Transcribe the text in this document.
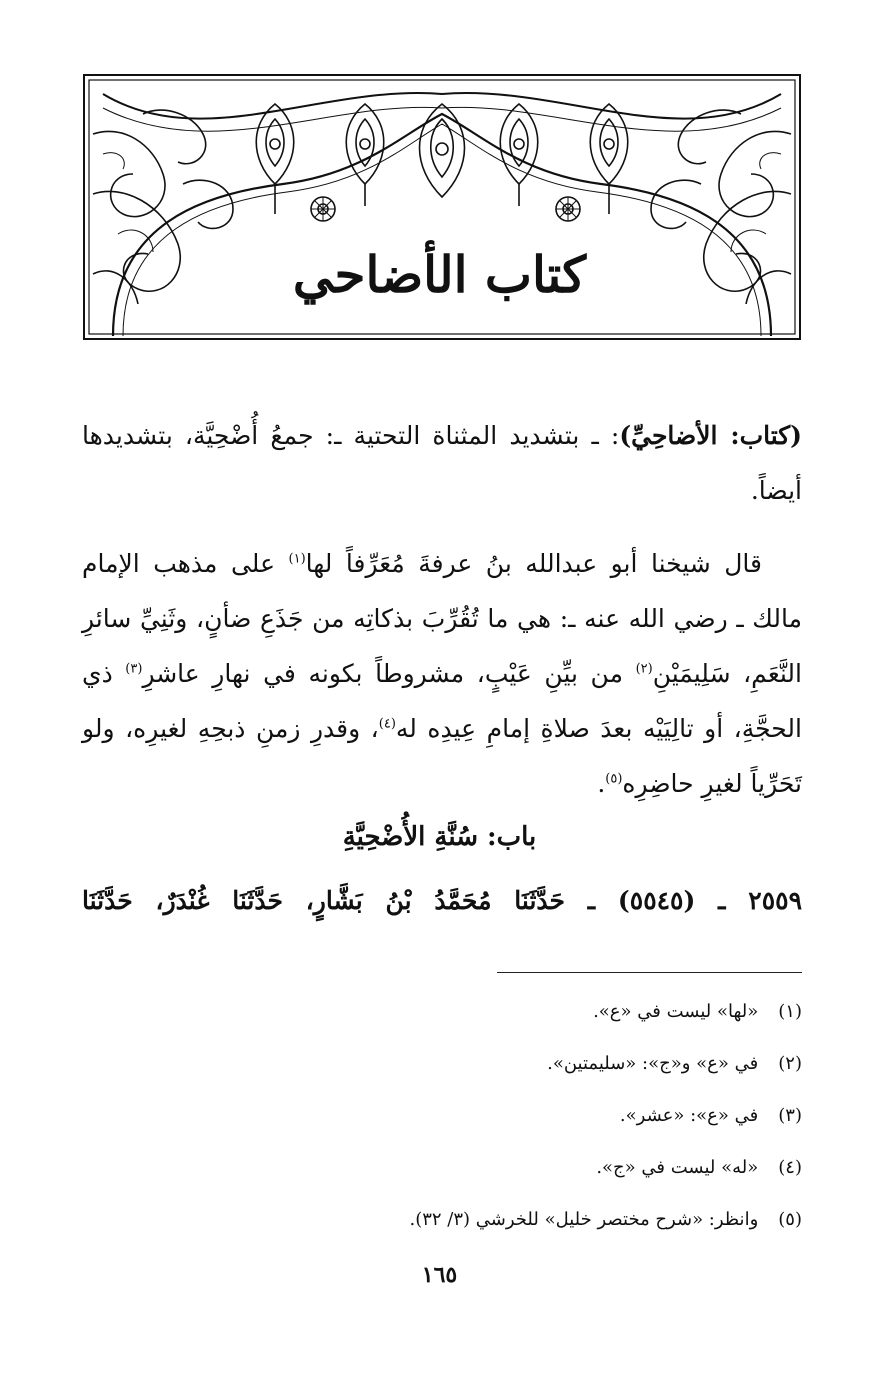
كتاب الأضاحي
(كتاب: الأضاحِيِّ): ـ بتشديد المثناة التحتية ـ: جمعُ أُضْحِيَّة، بتشديدها أيضاً.
قال شيخنا أبو عبدالله بنُ عرفةَ مُعَرِّفاً لها$^{(١)}$ على مذهب الإمام مالك ـ رضي الله عنه ـ: هي ما تُقُرِّبَ بذكاتِه من جَذَعِ ضأنٍ، وثَنِيِّ سائرِ النَّعَمِ، سَلِيمَيْنِ$^{(٢)}$ من بيِّنِ عَيْبٍ، مشروطاً بكونه في نهارِ عاشرِ$^{(٣)}$ ذي الحجَّةِ، أو تالِيَيْه بعدَ صلاةِ إمامِ عِيدِه له$^{(٤)}$، وقدرِ زمنِ ذبحِهِ لغيرِه، ولو تَحَرِّياً لغيرِ حاضِرِه$^{(٥)}$.
باب: سُنَّةِ الأُضْحِيَّةِ
٢٥٥٩ ـ (٥٥٤٥) ـ حَدَّثَنَا مُحَمَّدُ بْنُ بَشَّارٍ، حَدَّثَنَا غُنْدَرٌ، حَدَّثَنَا
(١) «لها» ليست في «ع».
(٢) في «ع» و«ج»: «سليمتين».
(٣) في «ع»: «عشر».
(٤) «له» ليست في «ج».
(٥) وانظر: «شرح مختصر خليل» للخرشي (٣/ ٣٢).
١٦٥
